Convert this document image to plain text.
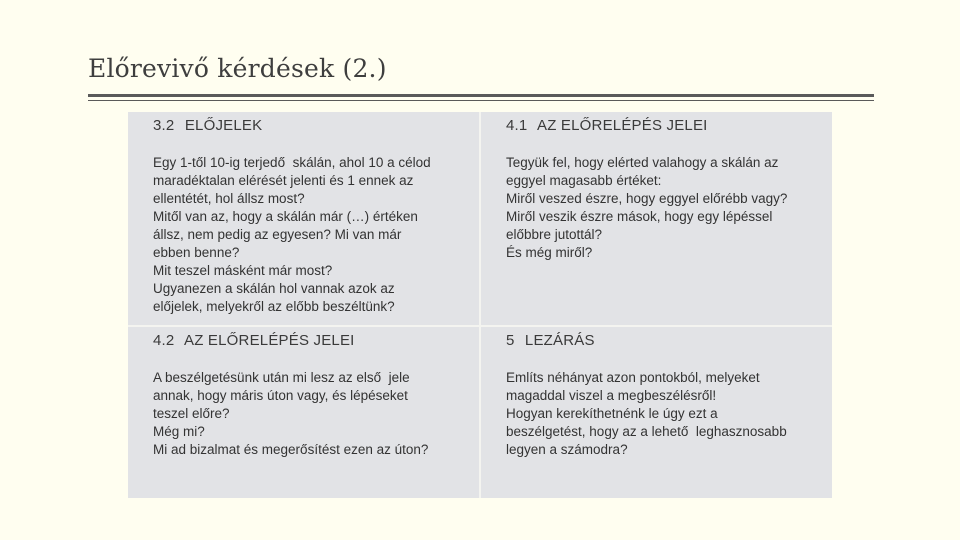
Előrevivő kérdések (2.)
3.2 ELŐJELEK

Egy 1-től 10-ig terjedő  skálán, ahol 10 a célod

maradéktalan elérését jelenti és 1 ennek az

ellentétét, hol állsz most?

Mitől van az, hogy a skálán már (…) értéken

állsz, nem pedig az egyesen? Mi van már

ebben benne?

Mit teszel másként már most?

Ugyanezen a skálán hol vannak azok az

előjelek, melyekről az előbb beszéltünk?

4.1 AZ ELŐRELÉPÉS JELEI

Tegyük fel, hogy elérted valahogy a skálán az

eggyel magasabb értéket:

Miről veszed észre, hogy eggyel előrébb vagy?

Miről veszik észre mások, hogy egy lépéssel

előbbre jutottál?

És még miről?

4.2 AZ ELŐRELÉPÉS JELEI

A beszélgetésünk után mi lesz az első  jele

annak, hogy máris úton vagy, és lépéseket

teszel előre?

Még mi?

Mi ad bizalmat és megerősítést ezen az úton?

5 LEZÁRÁS

Említs néhányat azon pontokból, melyeket

magaddal viszel a megbeszélésről!

Hogyan kerekíthetnénk le úgy ezt a

beszélgetést, hogy az a lehető  leghasznosabb

legyen a számodra?
